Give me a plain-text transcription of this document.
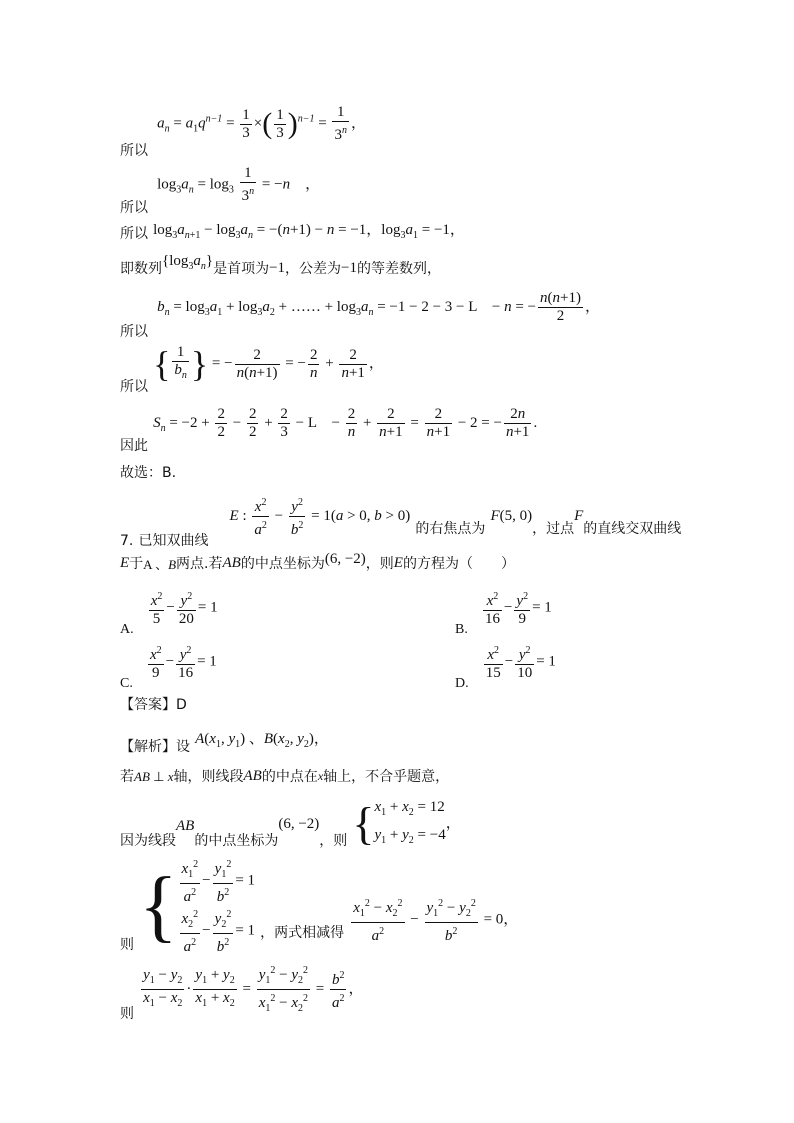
所以 $a_n = a_1q^{n-1} = \frac{1}{3}$ ×( $\frac{1}{3} )^{n-1} = \frac{1}{3^n}$ ，
所以 $\log_3a_n = \log_3 \frac{1}{3^n} = -n$　，
所以 $\log_3a_{n+1} - \log_3a_n = -(n+1) - n = -1$，$\log_3a_1 = -1$，
即数列$\{\log_3a_n\}$是首项为−1，公差为−1的等差数列，
所以 $b_n = \log_3a_1 + \log_3a_2$ + …… + $\log_3a_n = -1 - 2 - 3 - L$　− n = − $\frac{n(n+1)}{2}$ ，
所以 { $\frac{1}{b_n}$ } = − $\frac{2}{n(n+1)}$ = − $\frac{2}{n} + \frac{2}{n+1}$ ，
因此 $S_n = -2 + \frac{2}{2} - \frac{2}{2} + \frac{2}{3} - L$　− $\frac{2}{n} + \frac{2}{n+1} = \frac{2}{n+1} - 2$ = − $\frac{2n}{n+1}$ .
故选：B.
7. 已知双曲线 E : $\frac{x^2}{a^2} - \frac{y^2}{b^2} = 1(a > 0$, b > 0) 的右焦点为 F(5, 0)，过点F的直线交双曲线
E于A 、B两点.若AB的中点坐标为(6, −2)，则E的方程为（　　）
A.
$\frac{x^2}{5} - \frac{y^2}{20} = 1$
B.
$\frac{x^2}{16} - \frac{y^2}{9} = 1$
C.
$\frac{x^2}{9} - \frac{y^2}{16} = 1$
D.
$\frac{x^2}{15} - \frac{y^2}{10} = 1$
【答案】D
【解析】设 $A(x_1$, $y_1$) 、$B(x_2$, $y_2$)，
若AB ⊥ x轴，则线段AB的中点在x轴上，不合乎题意，
因为线段AB的中点坐标为(6, −2)，则 {$x_1 + x_2 = 12$
$y_1 + y_2 = -4$，
则 { $\frac{x_1^2}{a^2} - \frac{y_1^2}{b^2} = 1$

$\frac{x_2^2}{a^2} - \frac{y_2^2}{b^2} = 1$ ，两式相减得 $\frac{x_1^2 - x_2^2}{a^2} - \frac{y_1^2 - y_2^2}{b^2} = 0$，
则
$\frac{y_1 - y_2}{x_1 - x_2} \cdot \frac{y_1 + y_2}{x_1 + x_2} = \frac{y_1^2 - y_2^2}{x_1^2 - x_2^2} = \frac{b^2}{a^2}$ ，
